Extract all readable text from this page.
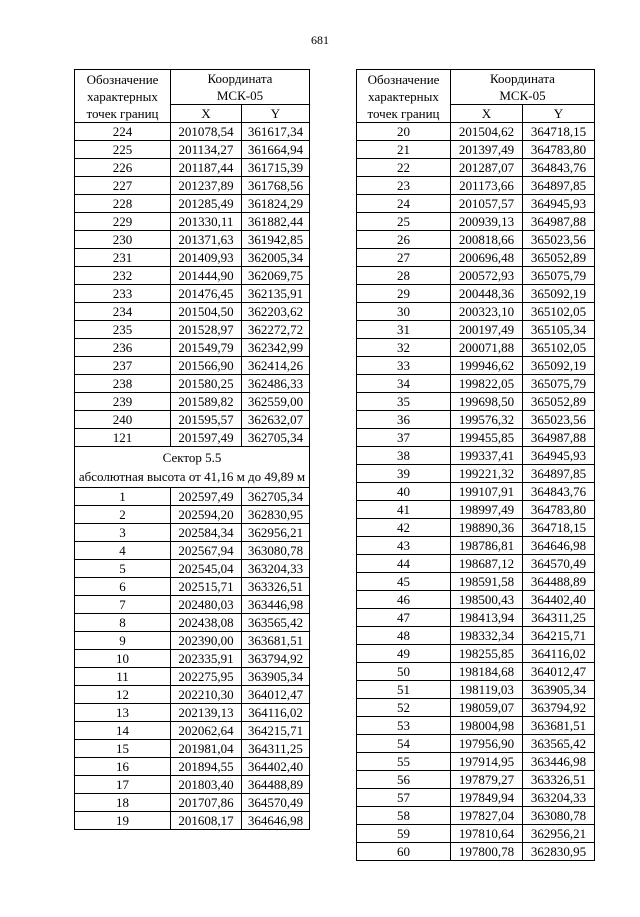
681
Обозначение характерных точек границ	Координата	
	МСК-05	
	X	Y
224	201078,54	361617,34
225	201134,27	361664,94
226	201187,44	361715,39
227	201237,89	361768,56
228	201285,49	361824,29
229	201330,11	361882,44
230	201371,63	361942,85
231	201409,93	362005,34
232	201444,90	362069,75
233	201476,45	362135,91
234	201504,50	362203,62
235	201528,97	362272,72
236	201549,79	362342,99
237	201566,90	362414,26
238	201580,25	362486,33
239	201589,82	362559,00
240	201595,57	362632,07
121	201597,49	362705,34

Сектор 5.5
абсолютная высота от 41,16 м до 49,89 м		

1	202597,49	362705,34
2	202594,20	362830,95
3	202584,34	362956,21
4	202567,94	363080,78
5	202545,04	363204,33
6	202515,71	363326,51
7	202480,03	363446,98
8	202438,08	363565,42
9	202390,00	363681,51
10	202335,91	363794,92
11	202275,95	363905,34
12	202210,30	364012,47
13	202139,13	364116,02
14	202062,64	364215,71
15	201981,04	364311,25
16	201894,55	364402,40
17	201803,40	364488,89
18	201707,86	364570,49
19	201608,17	364646,98
Обозначение характерных точек границ	Координата	
	МСК-05	
	X	Y
20	201504,62	364718,15
21	201397,49	364783,80
22	201287,07	364843,76
23	201173,66	364897,85
24	201057,57	364945,93
25	200939,13	364987,88
26	200818,66	365023,56
27	200696,48	365052,89
28	200572,93	365075,79
29	200448,36	365092,19
30	200323,10	365102,05
31	200197,49	365105,34
32	200071,88	365102,05
33	199946,62	365092,19
34	199822,05	365075,79
35	199698,50	365052,89
36	199576,32	365023,56
37	199455,85	364987,88
38	199337,41	364945,93
39	199221,32	364897,85
40	199107,91	364843,76
41	198997,49	364783,80
42	198890,36	364718,15
43	198786,81	364646,98
44	198687,12	364570,49
45	198591,58	364488,89
46	198500,43	364402,40
47	198413,94	364311,25
48	198332,34	364215,71
49	198255,85	364116,02
50	198184,68	364012,47
51	198119,03	363905,34
52	198059,07	363794,92
53	198004,98	363681,51
54	197956,90	363565,42
55	197914,95	363446,98
56	197879,27	363326,51
57	197849,94	363204,33
58	197827,04	363080,78
59	197810,64	362956,21
60	197800,78	362830,95
